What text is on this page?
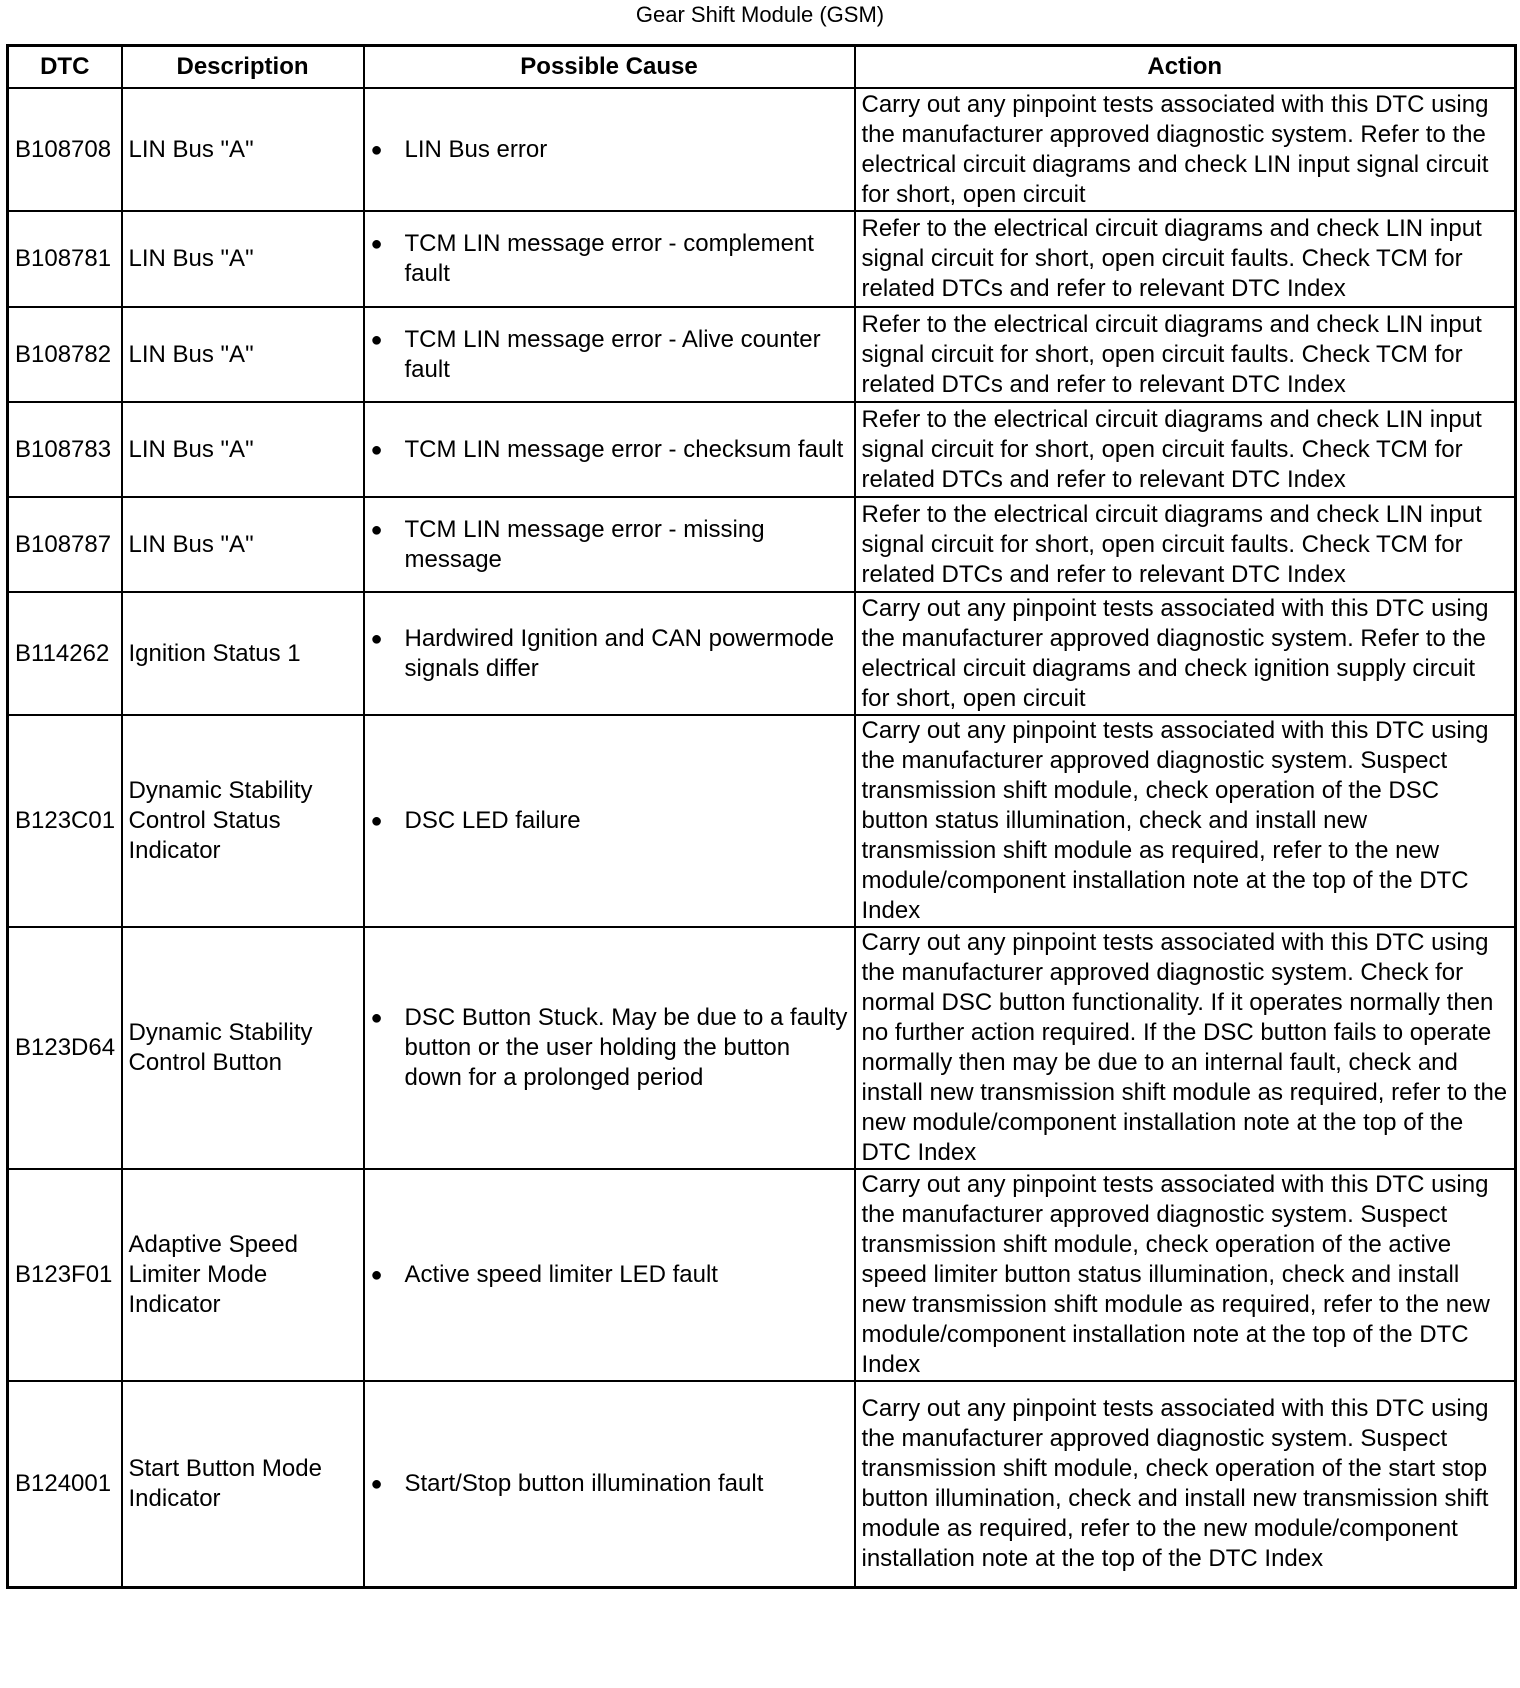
Gear Shift Module (GSM)
DTC	Description	Possible Cause	Action
B108708	LIN Bus "A"	● LIN Bus error	Carry out any pinpoint tests associated with this DTC using the manufacturer approved diagnostic system. Refer to the electrical circuit diagrams and check LIN input signal circuit for short, open circuit
B108781	LIN Bus "A"	● TCM LIN message error - complement fault	Refer to the electrical circuit diagrams and check LIN input signal circuit for short, open circuit faults. Check TCM for related DTCs and refer to relevant DTC Index
B108782	LIN Bus "A"	● TCM LIN message error - Alive counter fault	Refer to the electrical circuit diagrams and check LIN input signal circuit for short, open circuit faults. Check TCM for related DTCs and refer to relevant DTC Index
B108783	LIN Bus "A"	● TCM LIN message error - checksum fault	Refer to the electrical circuit diagrams and check LIN input signal circuit for short, open circuit faults. Check TCM for related DTCs and refer to relevant DTC Index
B108787	LIN Bus "A"	● TCM LIN message error - missing message	Refer to the electrical circuit diagrams and check LIN input signal circuit for short, open circuit faults. Check TCM for related DTCs and refer to relevant DTC Index
B114262	Ignition Status 1	● Hardwired Ignition and CAN powermode signals differ	Carry out any pinpoint tests associated with this DTC using the manufacturer approved diagnostic system. Refer to the electrical circuit diagrams and check ignition supply circuit for short, open circuit
B123C01	Dynamic Stability Control Status Indicator	● DSC LED failure	Carry out any pinpoint tests associated with this DTC using the manufacturer approved diagnostic system. Suspect transmission shift module, check operation of the DSC button status illumination, check and install new transmission shift module as required, refer to the new module/component installation note at the top of the DTC Index
B123D64	Dynamic Stability Control Button	● DSC Button Stuck. May be due to a faulty button or the user holding the button down for a prolonged period	Carry out any pinpoint tests associated with this DTC using the manufacturer approved diagnostic system. Check for normal DSC button functionality. If it operates normally then no further action required. If the DSC button fails to operate normally then may be due to an internal fault, check and install new transmission shift module as required, refer to the new module/component installation note at the top of the DTC Index
B123F01	Adaptive Speed Limiter Mode Indicator	● Active speed limiter LED fault	Carry out any pinpoint tests associated with this DTC using the manufacturer approved diagnostic system. Suspect transmission shift module, check operation of the active speed limiter button status illumination, check and install new transmission shift module as required, refer to the new module/component installation note at the top of the DTC Index
B124001	Start Button Mode Indicator	● Start/Stop button illumination fault	Carry out any pinpoint tests associated with this DTC using the manufacturer approved diagnostic system. Suspect transmission shift module, check operation of the start stop button illumination, check and install new transmission shift module as required, refer to the new module/component installation note at the top of the DTC Index
